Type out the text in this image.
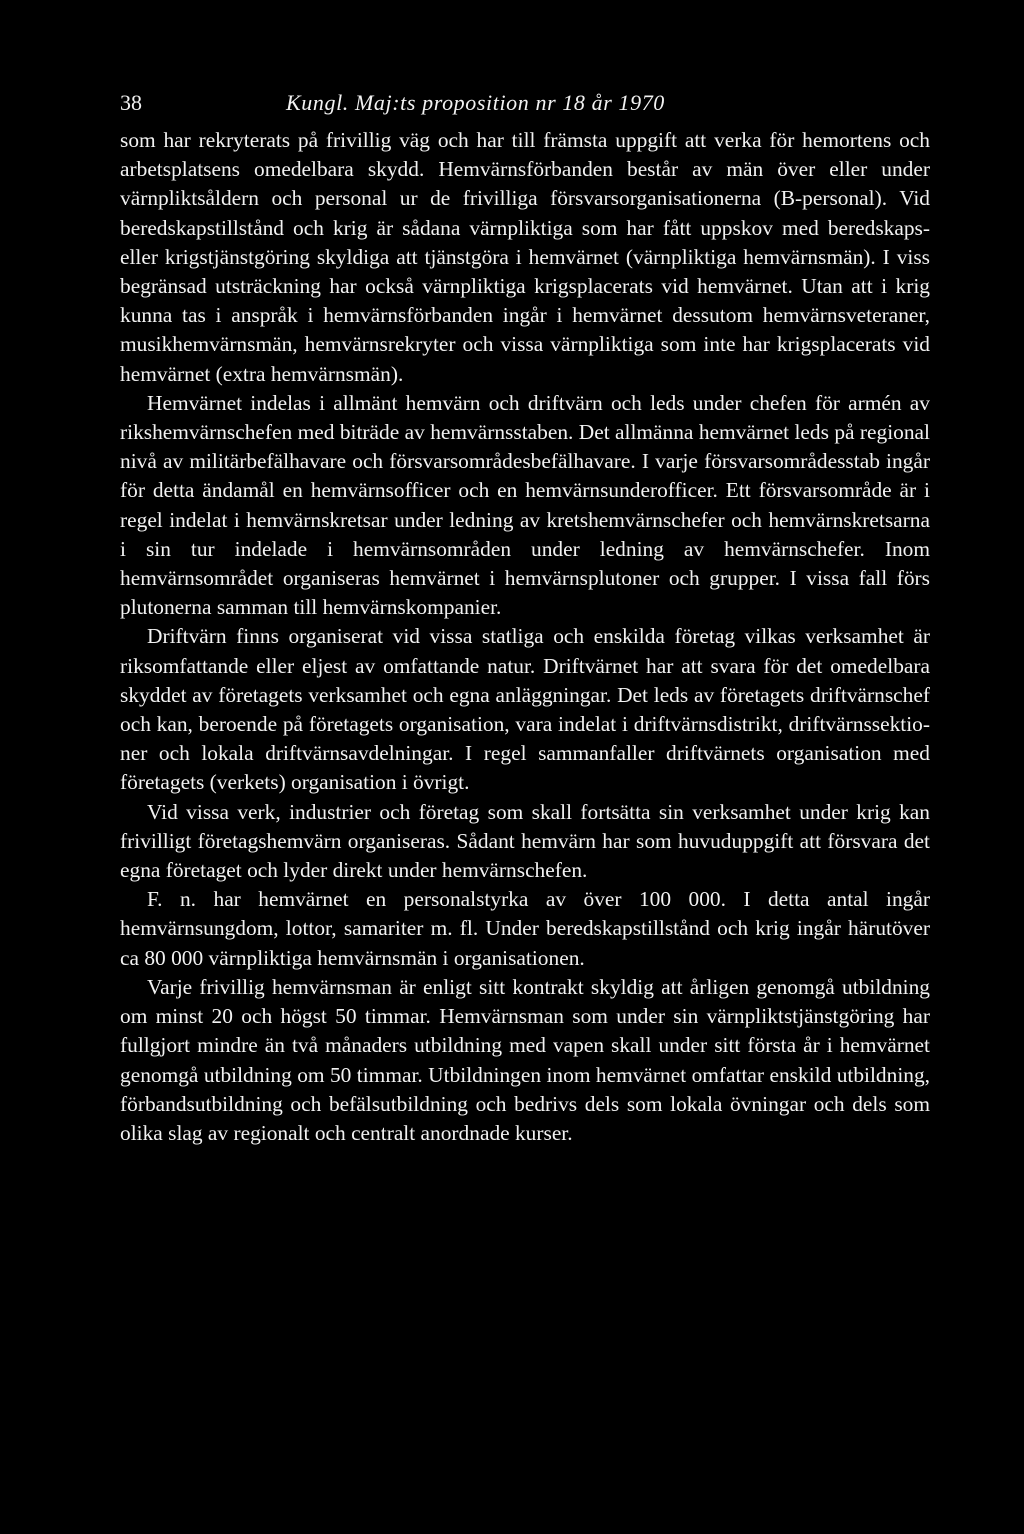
38	Kungl. Maj:ts proposition nr 18 år 1970

som har rekryterats på frivillig väg och har till främsta uppgift att verka för hemortens och arbetsplatsens omedelbara skydd. Hemvärnsförbanden består av män över eller under värnpliktsåldern och personal ur de frivilliga försvarsorganisationerna (B-personal). Vid beredskapstillstånd och krig är sådana värnpliktiga som har fått uppskov med beredskaps- eller krigstjänstgöring skyldiga att tjänstgöra i hemvärnet (värnpliktiga hemvärnsmän). I viss begränsad utsträckning har också värnpliktiga krigsplacerats vid hemvärnet. Utan att i krig kunna tas i anspråk i hemvärnsförbanden ingår i hemvärnet dessutom hemvärnsveteraner, musikhemvärnsmän, hemvärnsrekryter och vissa värnpliktiga som inte har krigsplacerats vid hemvärnet (extra hemvärnsmän).

Hemvärnet indelas i allmänt hemvärn och driftvärn och leds under chefen för armén av rikshemvärnschefen med biträde av hemvärnsstaben. Det allmänna hemvärnet leds på regional nivå av militärbefälhavare och försvarsområdesbefälhavare. I varje försvarsområdesstab ingår för detta ändamål en hemvärnsofficer och en hemvärnsunderofficer. Ett försvarsområde är i regel indelat i hemvärnskretsar under ledning av kretshemvärnschefer och hemvärnskretsarna i sin tur indelade i hemvärnsområden under ledning av hemvärnschefer. Inom hemvärnsområdet organiseras hemvärnet i hemvärnsplutoner och grupper. I vissa fall förs plutonerna samman till hemvärnskompanier.

Driftvärn finns organiserat vid vissa statliga och enskilda företag vilkas verksamhet är riksomfattande eller eljest av omfattande natur. Driftvärnet har att svara för det omedelbara skyddet av företagets verksamhet och egna anläggningar. Det leds av företagets driftvärnschef och kan, beroende på företagets organisation, vara indelat i driftvärnsdistrikt, driftvärnssektioner och lokala driftvärnsavdelningar. I regel sammanfaller driftvärnets organisation med företagets (verkets) organisation i övrigt.

Vid vissa verk, industrier och företag som skall fortsätta sin verksamhet under krig kan frivilligt företagshemvärn organiseras. Sådant hemvärn har som huvuduppgift att försvara det egna företaget och lyder direkt under hemvärnschefen.

F. n. har hemvärnet en personalstyrka av över 100 000. I detta antal ingår hemvärnsungdom, lottor, samariter m. fl. Under beredskapstillstånd och krig ingår härutöver ca 80 000 värnpliktiga hemvärnsmän i organisationen.

Varje frivillig hemvärnsman är enligt sitt kontrakt skyldig att årligen genomgå utbildning om minst 20 och högst 50 timmar. Hemvärnsman som under sin värnpliktstjänstgöring har fullgjort mindre än två månaders utbildning med vapen skall under sitt första år i hemvärnet genomgå utbildning om 50 timmar. Utbildningen inom hemvärnet omfattar enskild utbildning, förbandsutbildning och befälsutbildning och bedrivs dels som lokala övningar och dels som olika slag av regionalt och centralt anordnade kurser.
